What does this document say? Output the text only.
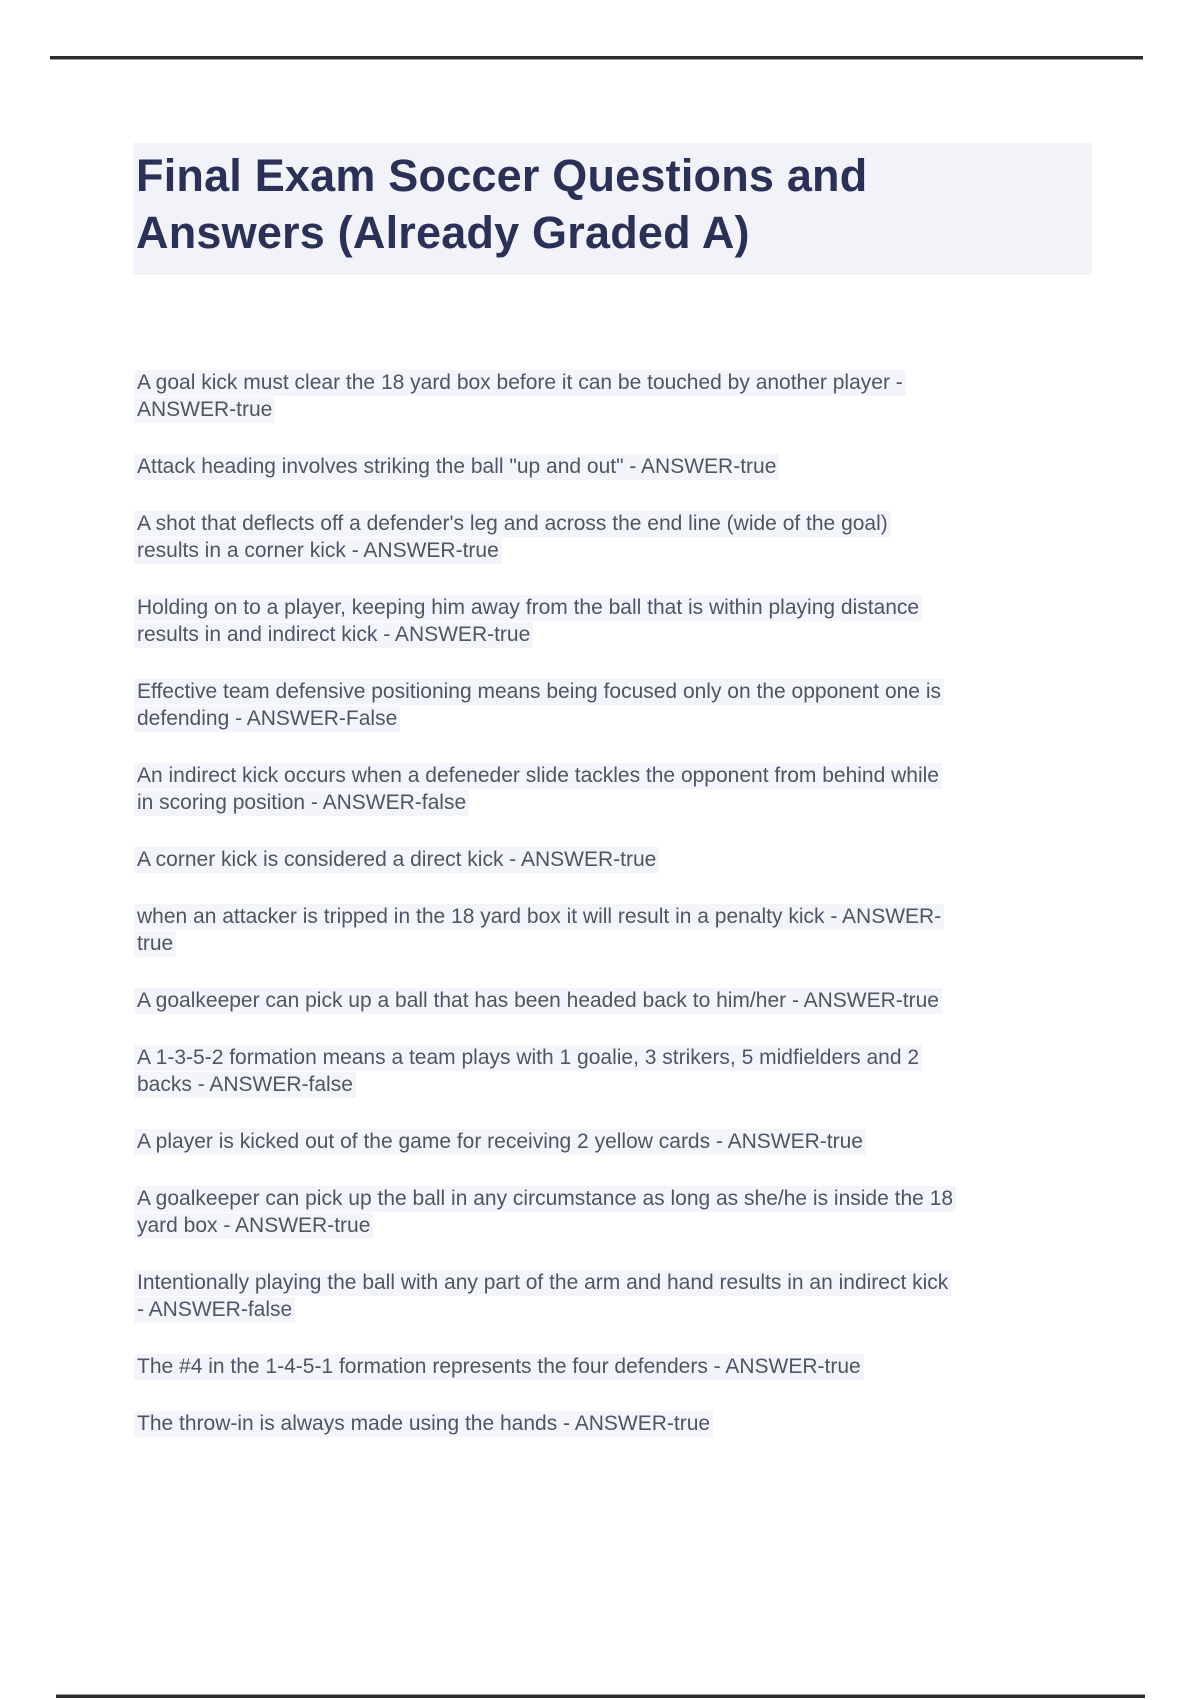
Final Exam Soccer Questions and
Answers (Already Graded A)
A goal kick must clear the 18 yard box before it can be touched by another player -
ANSWER-true
Attack heading involves striking the ball "up and out" - ANSWER-true
A shot that deflects off a defender's leg and across the end line (wide of the goal)
results in a corner kick - ANSWER-true
Holding on to a player, keeping him away from the ball that is within playing distance
results in and indirect kick - ANSWER-true
Effective team defensive positioning means being focused only on the opponent one is
defending - ANSWER-False
An indirect kick occurs when a defeneder slide tackles the opponent from behind while
in scoring position - ANSWER-false
A corner kick is considered a direct kick - ANSWER-true
when an attacker is tripped in the 18 yard box it will result in a penalty kick - ANSWER-
true
A goalkeeper can pick up a ball that has been headed back to him/her - ANSWER-true
A 1-3-5-2 formation means a team plays with 1 goalie, 3 strikers, 5 midfielders and 2
backs - ANSWER-false
A player is kicked out of the game for receiving 2 yellow cards - ANSWER-true
A goalkeeper can pick up the ball in any circumstance as long as she/he is inside the 18
yard box - ANSWER-true
Intentionally playing the ball with any part of the arm and hand results in an indirect kick
- ANSWER-false
The #4 in the 1-4-5-1 formation represents the four defenders - ANSWER-true
The throw-in is always made using the hands - ANSWER-true
